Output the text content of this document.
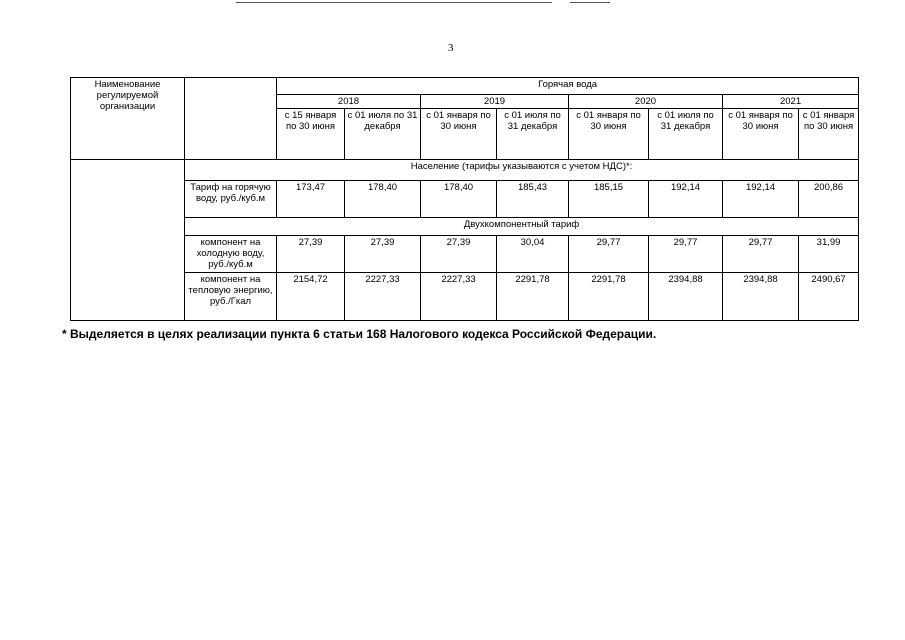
3
Наименование регулируемой организации		Горячая вода							
		2018		2019		2020		2021	
		с 15 января по 30 июня	с 01 июля по 31 декабря	с 01 января по 30 июня	с 01 июля по 31 декабря	с 01 января по 30 июня	с 01 июля по 31 декабря	с 01 января по 30 июня	с 01 января по 30 июня
	Население (тарифы указываются с учетом НДС)*:								
	Тариф на горячую воду, руб./куб.м	173,47	178,40	178,40	185,43	185,15	192,14	192,14	200,86
	Двухкомпонентный тариф								
	компонент на холодную воду, руб./куб.м	27,39	27,39	27,39	30,04	29,77	29,77	29,77	31,99
	компонент на тепловую энергию, руб./Гкал	2154,72	2227,33	2227,33	2291,78	2291,78	2394,88	2394,88	2490,67
* Выделяется в целях реализации пункта 6 статьи 168 Налогового кодекса Российской Федерации.
